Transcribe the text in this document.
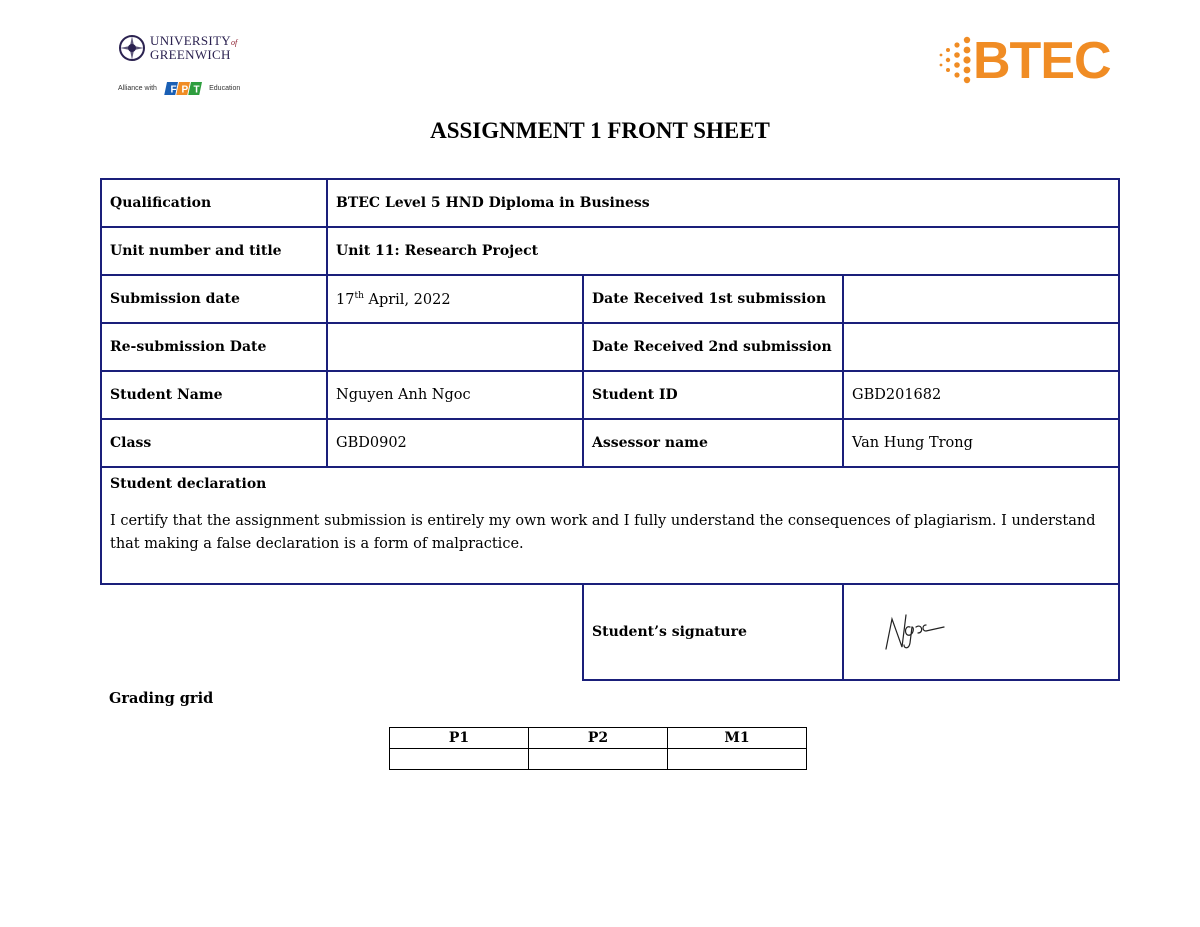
UNIVERSITYof
GREENWICH
Alliance with F P T Education	BTEC
ASSIGNMENT 1 FRONT SHEET
Qualification	BTEC Level 5 HND Diploma in Business		
Unit number and title	Unit 11: Research Project		
Submission date	17th April, 2022	Date Received 1st submission	
Re-submission Date		Date Received 2nd submission	
Student Name	Nguyen Anh Ngoc	Student ID	GBD201682
Class	GBD0902	Assessor name	Van Hung Trong

Student declaration
I certify that the assignment submission is entirely my own work and I fully understand the consequences of plagiarism. I understand that making a false declaration is a form of malpractice.			

		Student’s signature	
Grading grid
P1	P2	M1
